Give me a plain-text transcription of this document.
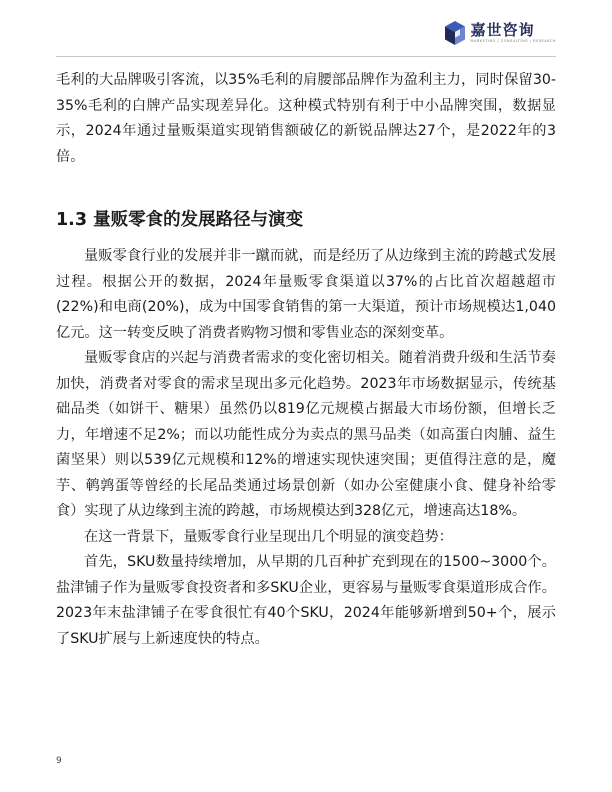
嘉世咨询
MARKETING | CONSULTING | RESEARCH

毛利的大品牌吸引客流，以35%毛利的肩腰部品牌作为盈利主力，同时保留30-35%毛利的白牌产品实现差异化。这种模式特别有利于中小品牌突围，数据显示，2024年通过量贩渠道实现销售额破亿的新锐品牌达27个，是2022年的3倍。

1.3 量贩零食的发展路径与演变

量贩零食行业的发展并非一蹴而就，而是经历了从边缘到主流的跨越式发展过程。根据公开的数据，2024年量贩零食渠道以37%的占比首次超越超市(22%)和电商(20%)，成为中国零食销售的第一大渠道，预计市场规模达1,040亿元。这一转变反映了消费者购物习惯和零售业态的深刻变革。

量贩零食店的兴起与消费者需求的变化密切相关。随着消费升级和生活节奏加快，消费者对零食的需求呈现出多元化趋势。2023年市场数据显示，传统基础品类（如饼干、糖果）虽然仍以819亿元规模占据最大市场份额，但增长乏力，年增速不足2%；而以功能性成分为卖点的黑马品类（如高蛋白肉脯、益生菌坚果）则以539亿元规模和12%的增速实现快速突围；更值得注意的是，魔芋、鹌鹑蛋等曾经的长尾品类通过场景创新（如办公室健康小食、健身补给零食）实现了从边缘到主流的跨越，市场规模达到328亿元，增速高达18%。

在这一背景下，量贩零食行业呈现出几个明显的演变趋势：

首先，SKU数量持续增加，从早期的几百种扩充到现在的1500~3000个。盐津铺子作为量贩零食投资者和多SKU企业，更容易与量贩零食渠道形成合作。2023年末盐津铺子在零食很忙有40个SKU，2024年能够新增到50+个，展示了SKU扩展与上新速度快的特点。

9
